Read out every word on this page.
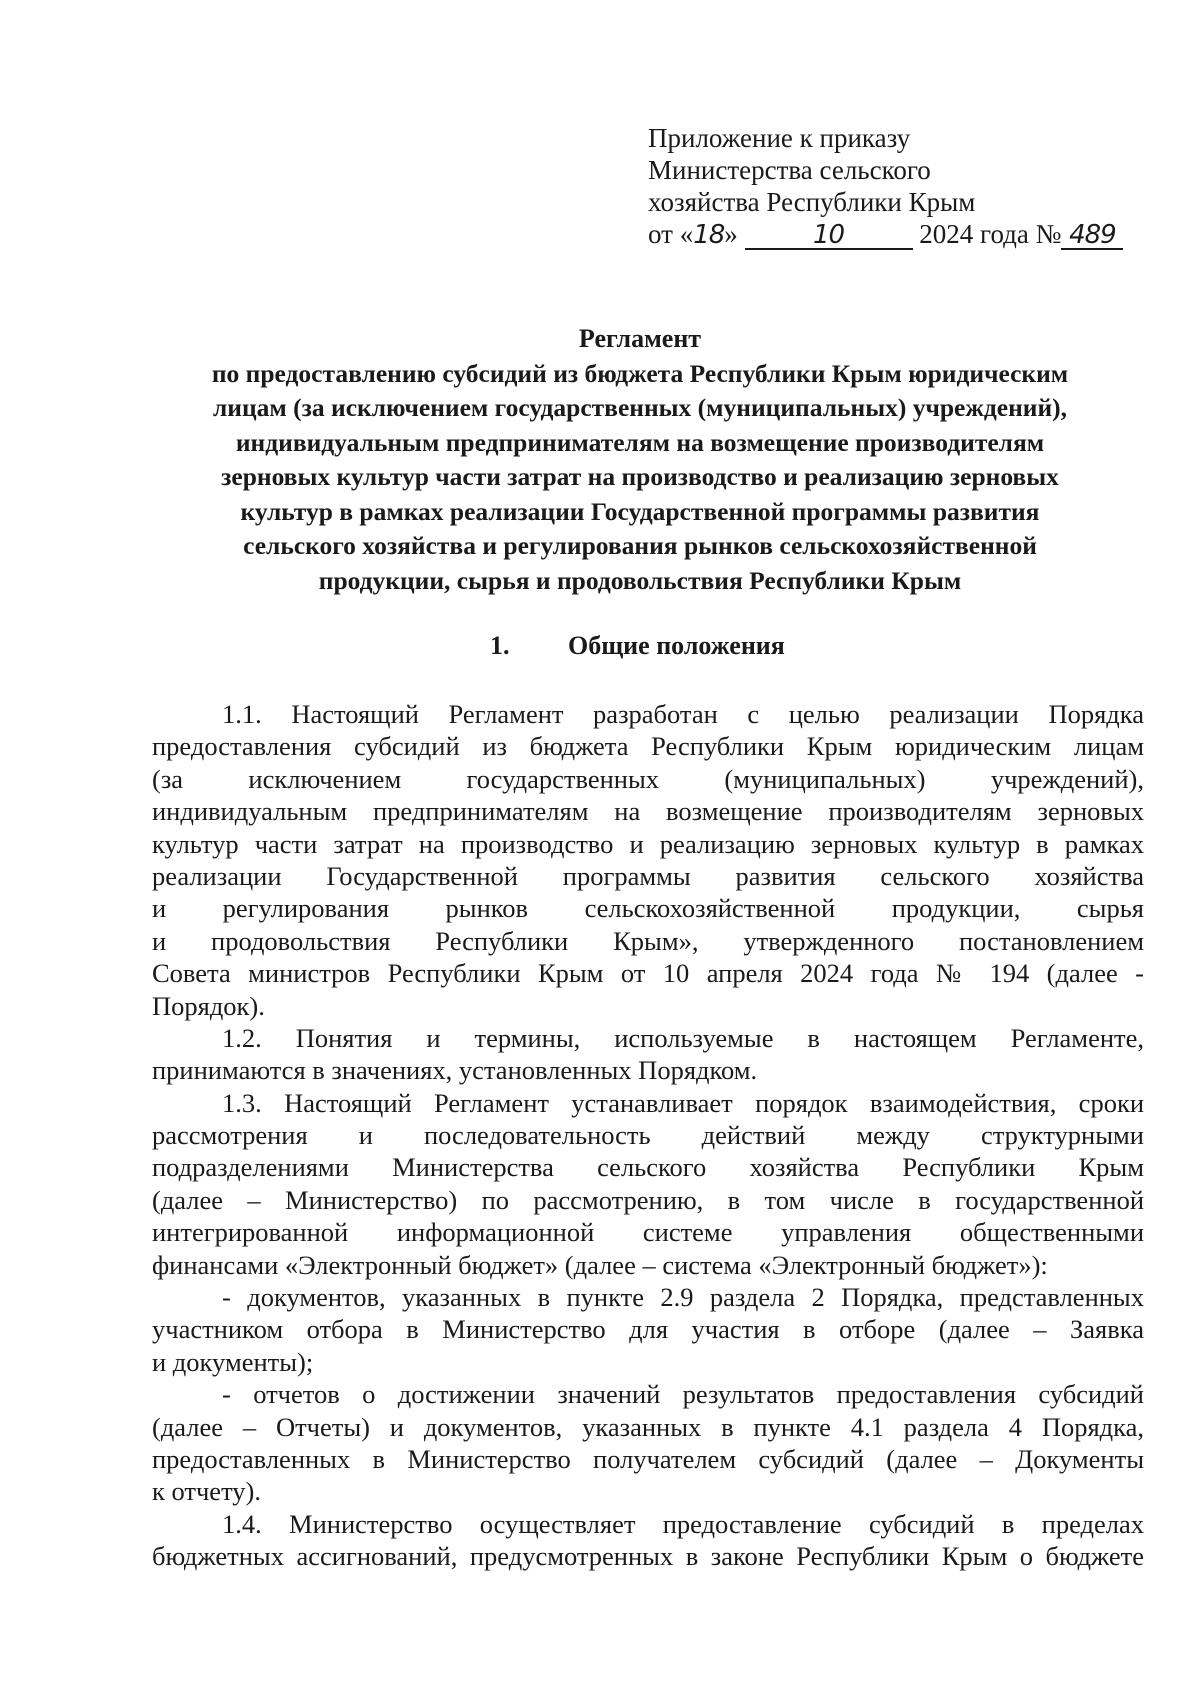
Приложение к приказу
Министерства сельского
хозяйства Республики Крым
от «18»	10	2024 года № 489
Регламент
по предоставлению субсидий из бюджета Республики Крым юридическим
лицам (за исключением государственных (муниципальных) учреждений),
индивидуальным предпринимателям на возмещение производителям
зерновых культур части затрат на производство и реализацию зерновых
культур в рамках реализации Государственной программы развития
сельского хозяйства и регулирования рынков сельскохозяйственной
продукции, сырья и продовольствия Республики Крым
1. Общие положения
1.1. Настоящий Регламент разработан с целью реализации Порядка
предоставления субсидий из бюджета Республики Крым юридическим лицам
(за исключением государственных (муниципальных) учреждений),
индивидуальным предпринимателям на возмещение производителям зерновых
культур части затрат на производство и реализацию зерновых культур в рамках
реализации Государственной программы развития сельского хозяйства
и регулирования рынков сельскохозяйственной продукции, сырья
и продовольствия Республики Крым», утвержденного постановлением
Совета министров Республики Крым от 10 апреля 2024 года № 194 (далее -
Порядок).
1.2. Понятия и термины, используемые в настоящем Регламенте,
принимаются в значениях, установленных Порядком.
1.3. Настоящий Регламент устанавливает порядок взаимодействия, сроки
рассмотрения и последовательность действий между структурными
подразделениями Министерства сельского хозяйства Республики Крым
(далее – Министерство) по рассмотрению, в том числе в государственной
интегрированной информационной системе управления общественными
финансами «Электронный бюджет» (далее – система «Электронный бюджет»):
- документов, указанных в пункте 2.9 раздела 2 Порядка, представленных
участником отбора в Министерство для участия в отборе (далее – Заявка
и документы);
- отчетов о достижении значений результатов предоставления субсидий
(далее – Отчеты) и документов, указанных в пункте 4.1 раздела 4 Порядка,
предоставленных в Министерство получателем субсидий (далее – Документы
к отчету).
1.4. Министерство осуществляет предоставление субсидий в пределах
бюджетных ассигнований, предусмотренных в законе Республики Крым о бюджете
